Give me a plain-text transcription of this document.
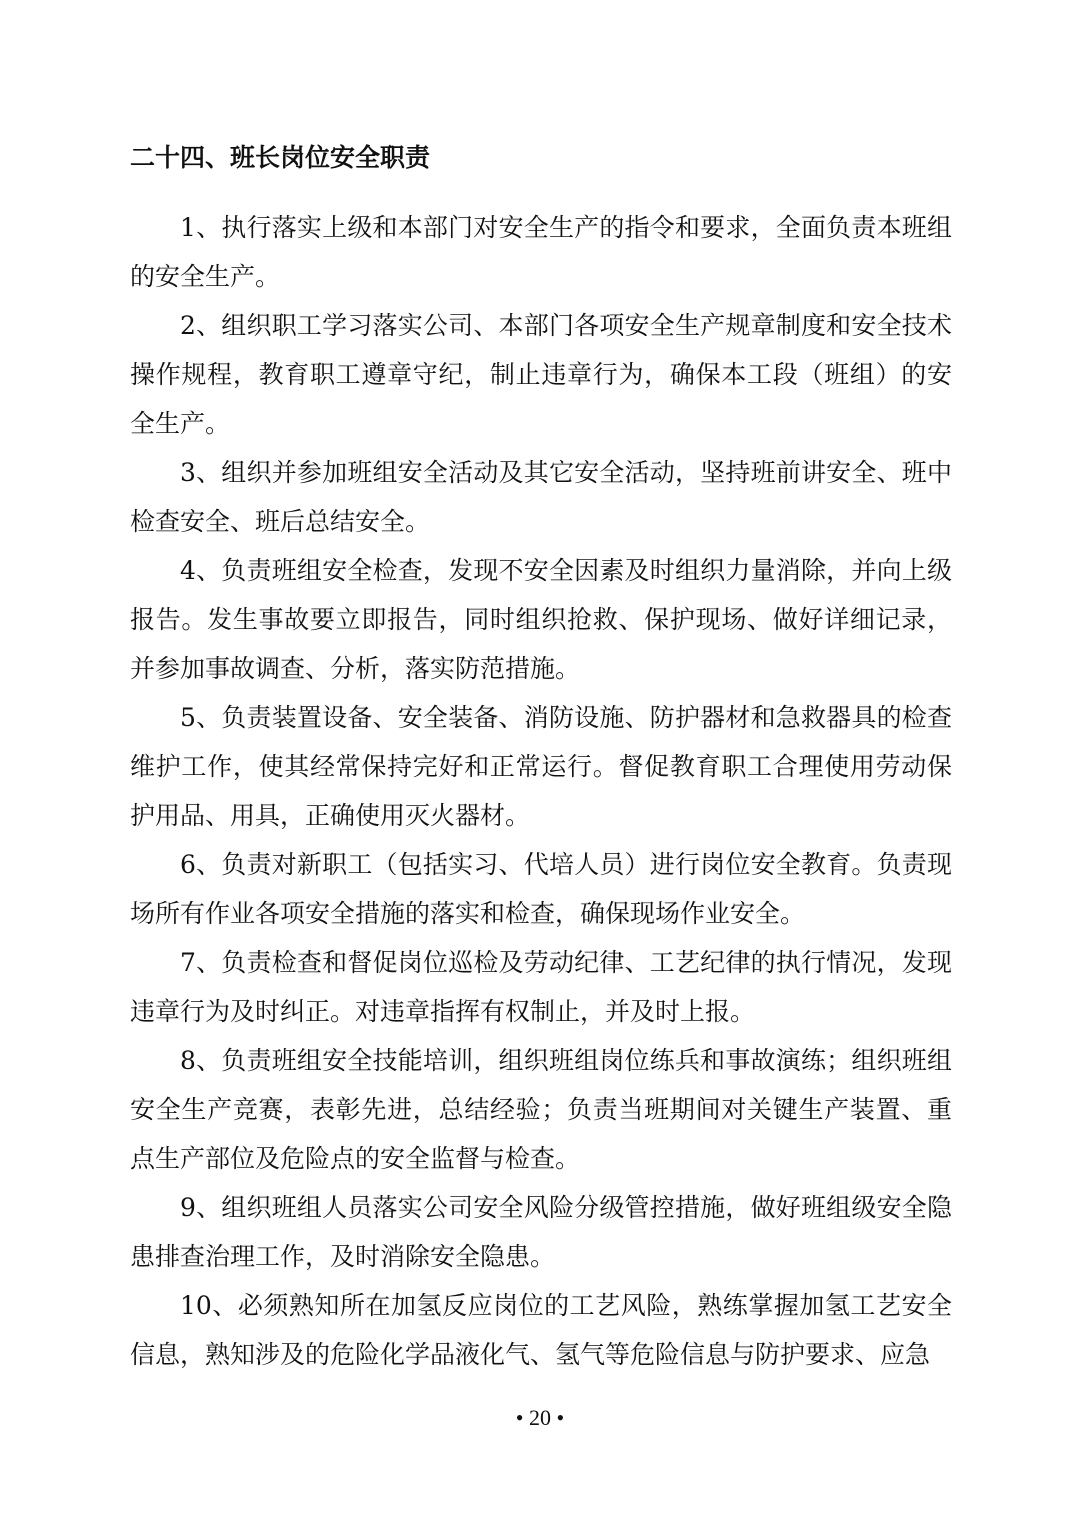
二十四、班长岗位安全职责

1、执行落实上级和本部门对安全生产的指令和要求，全面负责本班组的安全生产。

2、组织职工学习落实公司、本部门各项安全生产规章制度和安全技术操作规程，教育职工遵章守纪，制止违章行为，确保本工段（班组）的安全生产。

3、组织并参加班组安全活动及其它安全活动，坚持班前讲安全、班中检查安全、班后总结安全。

4、负责班组安全检查，发现不安全因素及时组织力量消除，并向上级报告。发生事故要立即报告，同时组织抢救、保护现场、做好详细记录，并参加事故调查、分析，落实防范措施。

5、负责装置设备、安全装备、消防设施、防护器材和急救器具的检查维护工作，使其经常保持完好和正常运行。督促教育职工合理使用劳动保护用品、用具，正确使用灭火器材。

6、负责对新职工（包括实习、代培人员）进行岗位安全教育。负责现场所有作业各项安全措施的落实和检查，确保现场作业安全。

7、负责检查和督促岗位巡检及劳动纪律、工艺纪律的执行情况，发现违章行为及时纠正。对违章指挥有权制止，并及时上报。

8、负责班组安全技能培训，组织班组岗位练兵和事故演练；组织班组安全生产竞赛，表彰先进，总结经验；负责当班期间对关键生产装置、重点生产部位及危险点的安全监督与检查。

9、组织班组人员落实公司安全风险分级管控措施，做好班组级安全隐患排查治理工作，及时消除安全隐患。

10、必须熟知所在加氢反应岗位的工艺风险，熟练掌握加氢工艺安全信息，熟知涉及的危险化学品液化气、氢气等危险信息与防护要求、应急

• 20 •
